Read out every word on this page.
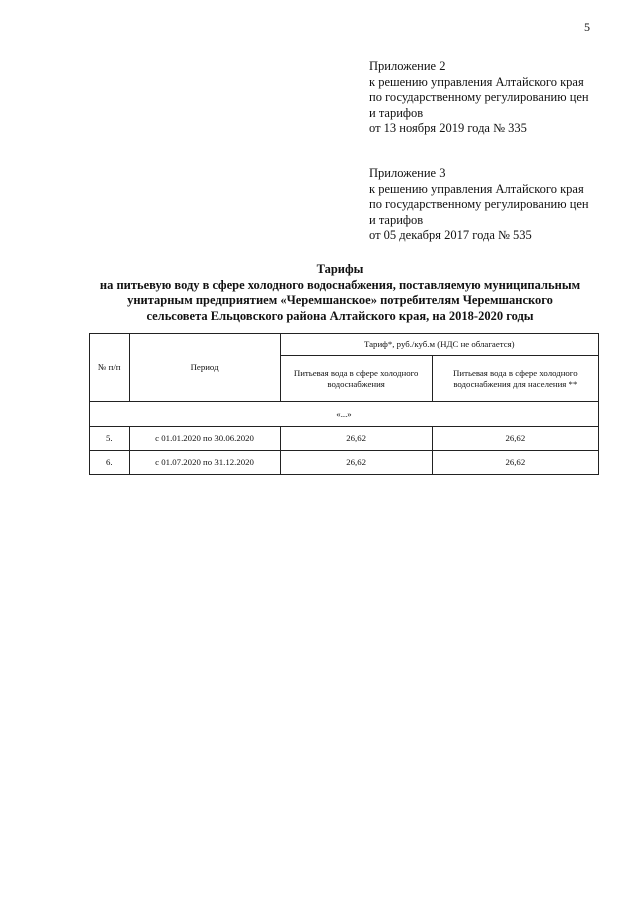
5
Приложение 2
к решению управления Алтайского края
по государственному регулированию цен
и тарифов
от 13 ноября 2019 года № 335
Приложение 3
к решению управления Алтайского края
по государственному регулированию цен
и тарифов
от 05 декабря 2017 года № 535
Тарифы
на питьевую воду в сфере холодного водоснабжения, поставляемую муниципальным
унитарным предприятием «Черемшанское» потребителям Черемшанского
сельсовета Ельцовского района Алтайского края, на 2018-2020 годы
№ п/п	Период	Тариф*, руб./куб.м (НДС не облагается)	
		Питьевая вода в сфере холодного водоснабжения	Питьевая вода в сфере холодного водоснабжения для населения **
«...»			
5.	с 01.01.2020 по 30.06.2020	26,62	26,62
6.	с 01.07.2020 по 31.12.2020	26,62	26,62
